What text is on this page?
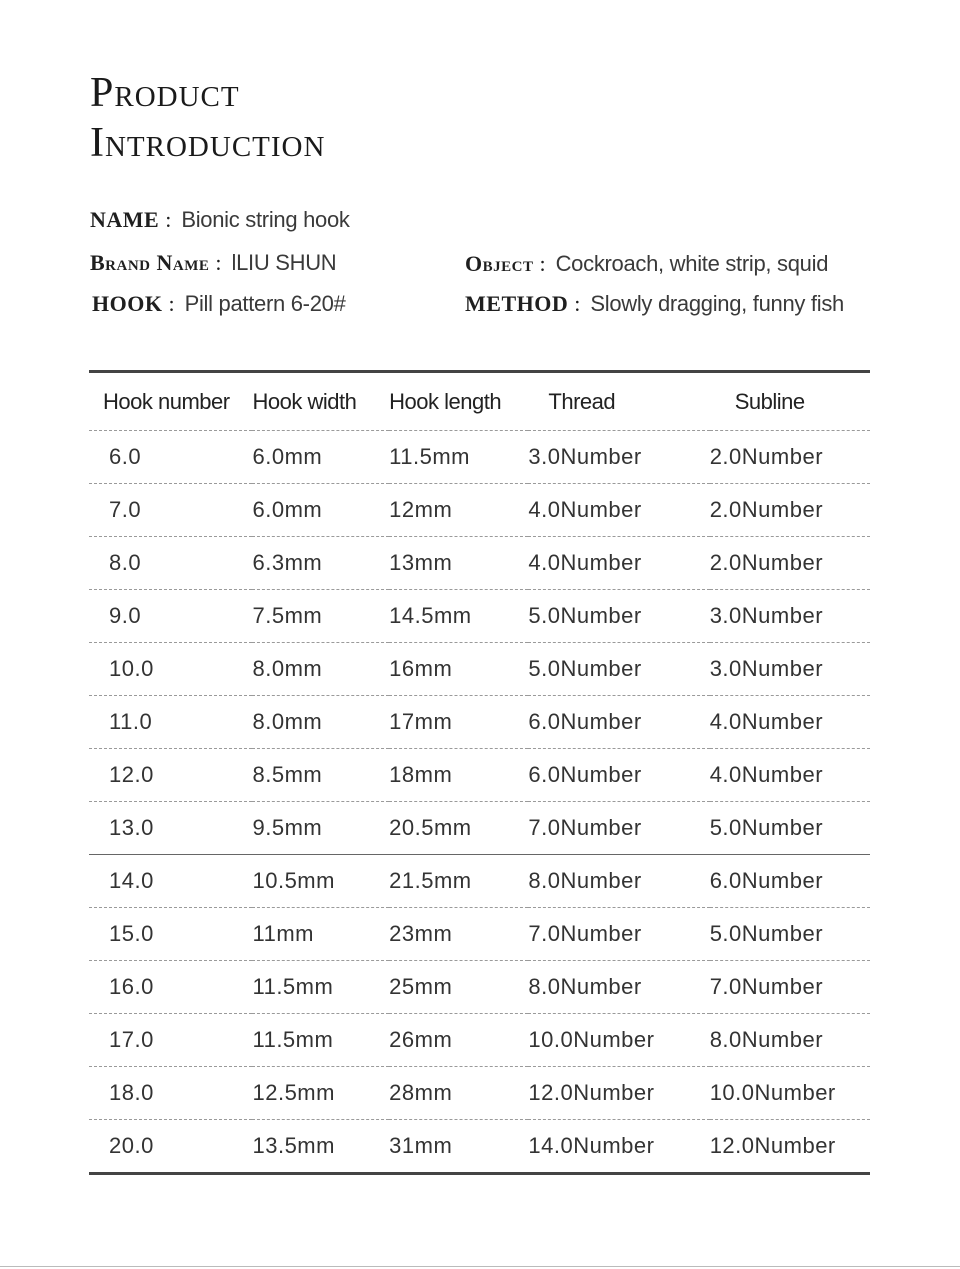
Product
Introduction
NAME : Bionic string hook
Brand Name : lLIU SHUN	Object : Cockroach, white strip, squid
HOOK : Pill pattern 6-20#	METHOD : Slowly dragging, funny fish
Hook number	Hook width	Hook length	Thread	Subline
6.0	6.0mm	11.5mm	3.0Number	2.0Number
7.0	6.0mm	12mm	4.0Number	2.0Number
8.0	6.3mm	13mm	4.0Number	2.0Number
9.0	7.5mm	14.5mm	5.0Number	3.0Number
10.0	8.0mm	16mm	5.0Number	3.0Number
11.0	8.0mm	17mm	6.0Number	4.0Number
12.0	8.5mm	18mm	6.0Number	4.0Number
13.0	9.5mm	20.5mm	7.0Number	5.0Number
14.0	10.5mm	21.5mm	8.0Number	6.0Number
15.0	11mm	23mm	7.0Number	5.0Number
16.0	11.5mm	25mm	8.0Number	7.0Number
17.0	11.5mm	26mm	10.0Number	8.0Number
18.0	12.5mm	28mm	12.0Number	10.0Number
20.0	13.5mm	31mm	14.0Number	12.0Number
